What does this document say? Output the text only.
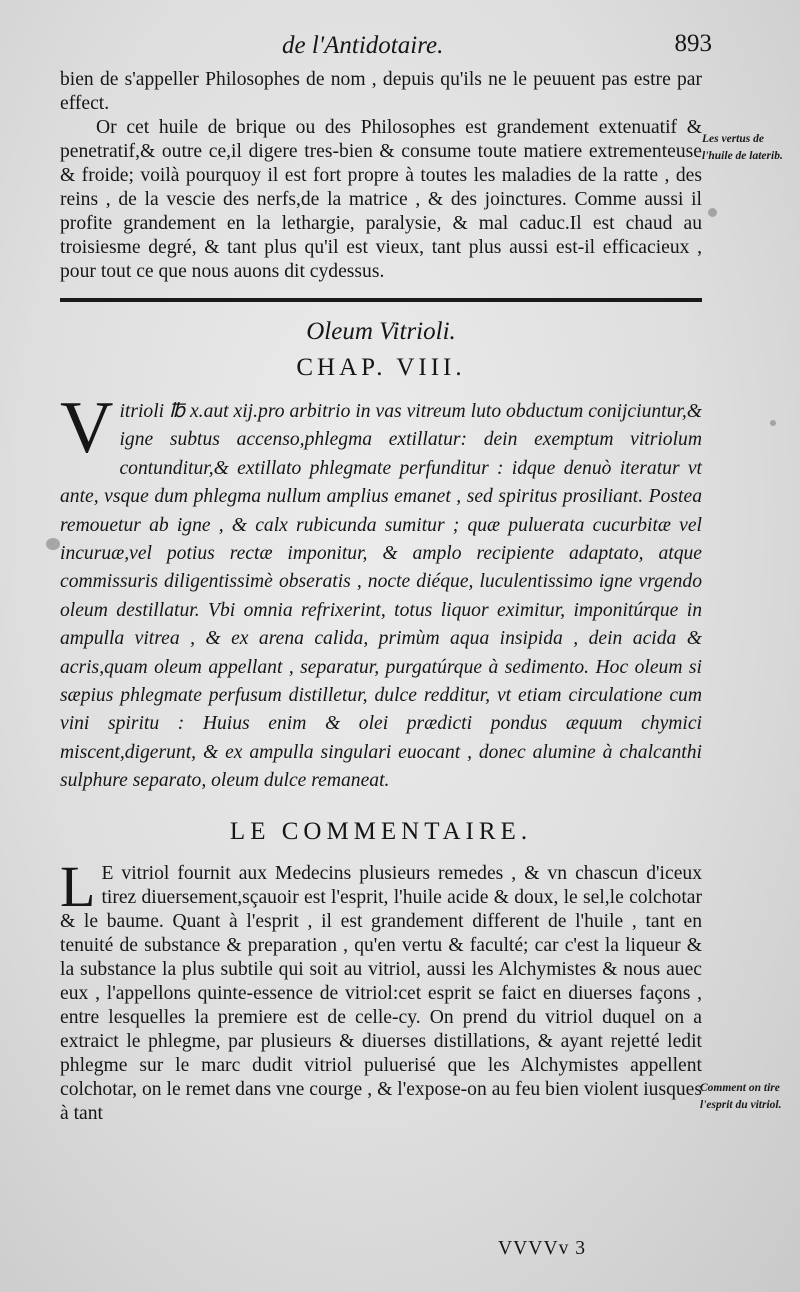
de l'Antidotaire.	893

bien de s'appeller Philosophes de nom , depuis qu'ils ne le peuuent pas estre par effect.

Or cet huile de brique ou des Philosophes est grandement extenuatif & penetratif,& outre ce,il digere tres-bien & consume toute matiere extrementeuse & froide; voilà pourquoy il est fort propre à toutes les maladies de la ratte , des reins , de la vescie des nerfs,de la matrice , & des joinctures. Comme aussi il profite grandement en la lethargie, paralysie, & mal caduc.Il est chaud au troisiesme degré, & tant plus qu'il est vieux, tant plus aussi est-il efficacieux , pour tout ce que nous auons dit cydessus.

Oleum Vitrioli.
CHAP. VIII.
V itrioli ℔ x.aut xij.pro arbitrio in vas vitreum luto obductum conijciuntur,& igne subtus accenso,phlegma extillatur: dein exemptum vitriolum contunditur,& extillato phlegmate perfunditur : idque denuò iteratur vt ante, vsque dum phlegma nullum amplius emanet , sed spiritus prosiliant. Postea remouetur ab igne , & calx rubicunda sumitur ; quæ puluerata cucurbitæ vel incuruæ,vel potius rectæ imponitur, & amplo recipiente adaptato, atque commissuris diligentissimè obseratis , nocte diéque, luculentissimo igne vrgendo oleum destillatur. Vbi omnia refrixerint, totus liquor eximitur, imponitúrque in ampulla vitrea , & ex arena calida, primùm aqua insipida , dein acida & acris,quam oleum appellant , separatur, purgatúrque à sedimento. Hoc oleum si sæpius phlegmate perfusum distilletur, dulce redditur, vt etiam circulatione cum vini spiritu : Huius enim & olei prædicti pondus æquum chymici miscent,digerunt, & ex ampulla singulari euocant , donec alumine à chalcanthi sulphure separato, oleum dulce remaneat.
LE COMMENTAIRE.
L E vitriol fournit aux Medecins plusieurs remedes , & vn chascun d'iceux tirez diuersement,sçauoir est l'esprit, l'huile acide & doux, le sel,le colchotar & le baume. Quant à l'esprit , il est grandement different de l'huile , tant en tenuité de substance & preparation , qu'en vertu & faculté; car c'est la liqueur & la substance la plus subtile qui soit au vitriol, aussi les Alchymistes & nous auec eux , l'appellons quinte-essence de vitriol:cet esprit se faict en diuerses façons , entre lesquelles la premiere est de celle-cy. On prend du vitriol duquel on a extraict le phlegme, par plusieurs & diuerses distillations, & ayant rejetté ledit phlegme sur le marc dudit vitriol puluerisé que les Alchymistes appellent colchotar, on le remet dans vne courge , & l'expose-on au feu bien violent iusques à tant
Les vertus de l'huile de laterib.
Comment on tire l'esprit du vitriol.
VVVVv 3
